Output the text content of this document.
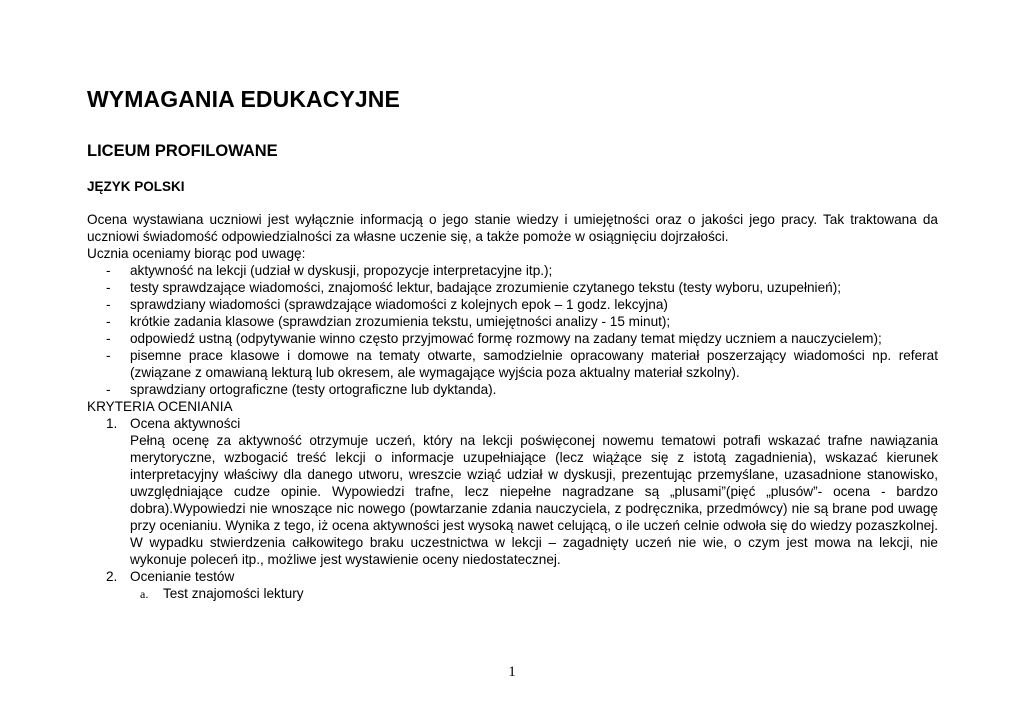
WYMAGANIA EDUKACYJNE
LICEUM PROFILOWANE
JĘZYK POLSKI

Ocena wystawiana uczniowi jest wyłącznie informacją o jego stanie wiedzy i umiejętności oraz o jakości jego pracy. Tak traktowana da uczniowi świadomość odpowiedzialności za własne uczenie się, a także pomoże w osiągnięciu dojrzałości.

Uczniа oceniamy biorąc pod uwagę:

- aktywność na lekcji (udział w dyskusji, propozycje interpretacyjne itp.);
- testy sprawdzające wiadomości, znajomość lektur, badające zrozumienie czytanego tekstu (testy wyboru, uzupełnień);
- sprawdziany wiadomości (sprawdzające wiadomości z kolejnych epok – 1 godz. lekcyjna)
- krótkie zadania klasowe (sprawdzian zrozumienia tekstu, umiejętności analizy - 15 minut);
- odpowiedź ustną (odpytywanie winno często przyjmować formę rozmowy na zadany temat między uczniem a nauczycielem);
- pisemne prace klasowe i domowe na tematy otwarte, samodzielnie opracowany materiał poszerzający wiadomości np. referat (związane z omawianą lekturą lub okresem, ale wymagające wyjścia poza aktualny materiał szkolny).
- sprawdziany ortograficzne (testy ortograficzne lub dyktanda).

KRYTERIA OCENIANIA

1. Ocena aktywności
Pełną ocenę za aktywność otrzymuje uczeń, który na lekcji poświęconej nowemu tematowi potrafi wskazać trafne nawiązania merytoryczne, wzbogacić treść lekcji o informacje uzupełniające (lecz wiążące się z istotą zagadnienia), wskazać kierunek interpretacyjny właściwy dla danego utworu, wreszcie wziąć udział w dyskusji, prezentując przemyślane, uzasadnione stanowisko, uwzględniające cudze opinie. Wypowiedzi trafne, lecz niepełne nagradzane są „plusami”(pięć „plusów”- ocena - bardzo dobra).Wypowiedzi nie wnoszące nic nowego (powtarzanie zdania nauczyciela, z podręcznika, przedmówcy) nie są brane pod uwagę przy ocenianiu. Wynika z tego, iż ocena aktywności jest wysoką nawet celującą, o ile uczeń celnie odwoła się do wiedzy pozaszkolnej. W wypadku stwierdzenia całkowitego braku uczestnictwa w lekcji – zagadnięty uczeń nie wie, o czym jest mowa na lekcji, nie wykonuje poleceń itp., możliwe jest wystawienie oceny niedostatecznej.
2. Ocenianie testów
a. Test znajomości lektury
1
